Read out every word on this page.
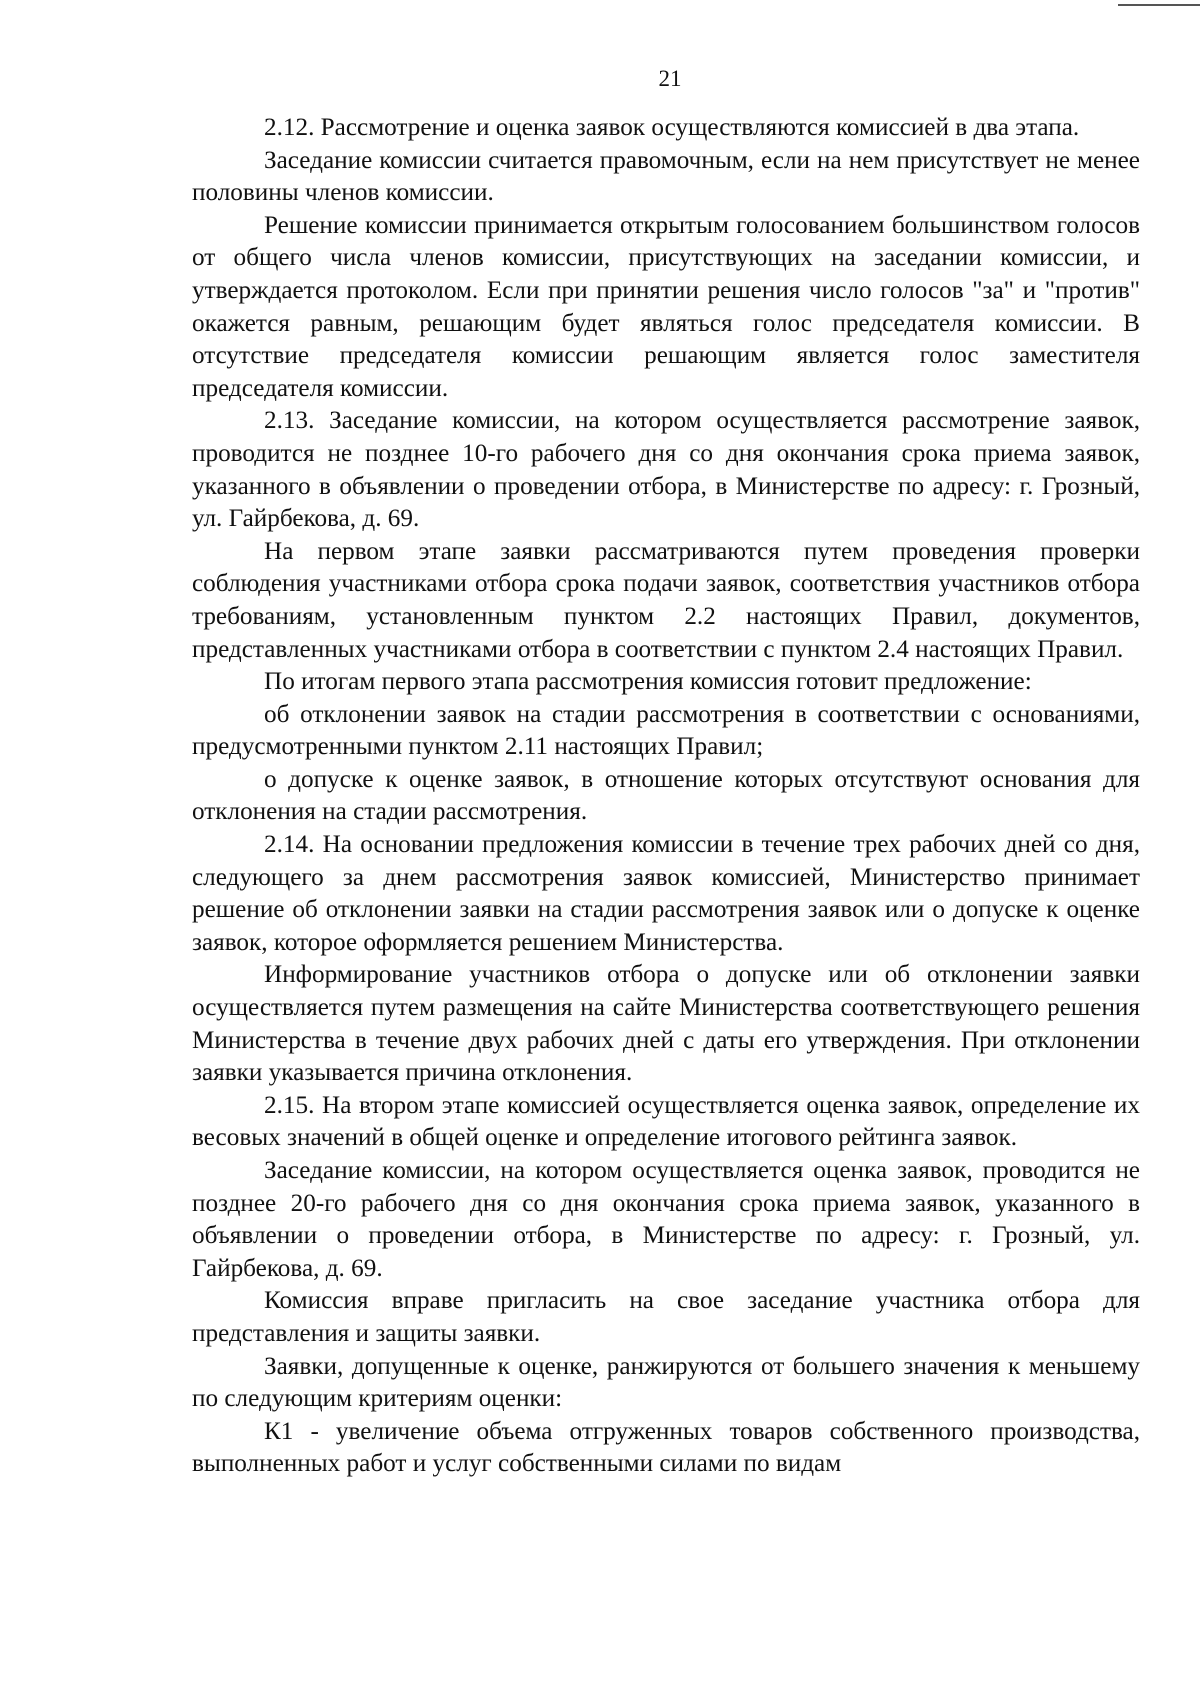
21

2.12. Рассмотрение и оценка заявок осуществляются комиссией в два этапа.

Заседание комиссии считается правомочным, если на нем присутствует не менее половины членов комиссии.

Решение комиссии принимается открытым голосованием большинством голосов от общего числа членов комиссии, присутствующих на заседании комиссии, и утверждается протоколом. Если при принятии решения число голосов "за" и "против" окажется равным, решающим будет являться голос председателя комиссии. В отсутствие председателя комиссии решающим является голос заместителя председателя комиссии.

2.13. Заседание комиссии, на котором осуществляется рассмотрение заявок, проводится не позднее 10-го рабочего дня со дня окончания срока приема заявок, указанного в объявлении о проведении отбора, в Министерстве по адресу: г. Грозный, ул. Гайрбекова, д. 69.

На первом этапе заявки рассматриваются путем проведения проверки соблюдения участниками отбора срока подачи заявок, соответствия участников отбора требованиям, установленным пунктом 2.2 настоящих Правил, документов, представленных участниками отбора в соответствии с пунктом 2.4 настоящих Правил.

По итогам первого этапа рассмотрения комиссия готовит предложение:

об отклонении заявок на стадии рассмотрения в соответствии с основаниями, предусмотренными пунктом 2.11 настоящих Правил;

о допуске к оценке заявок, в отношение которых отсутствуют основания для отклонения на стадии рассмотрения.

2.14. На основании предложения комиссии в течение трех рабочих дней со дня, следующего за днем рассмотрения заявок комиссией, Министерство принимает решение об отклонении заявки на стадии рассмотрения заявок или о допуске к оценке заявок, которое оформляется решением Министерства.

Информирование участников отбора о допуске или об отклонении заявки осуществляется путем размещения на сайте Министерства соответствующего решения Министерства в течение двух рабочих дней с даты его утверждения. При отклонении заявки указывается причина отклонения.

2.15. На втором этапе комиссией осуществляется оценка заявок, определение их весовых значений в общей оценке и определение итогового рейтинга заявок.

Заседание комиссии, на котором осуществляется оценка заявок, проводится не позднее 20-го рабочего дня со дня окончания срока приема заявок, указанного в объявлении о проведении отбора, в Министерстве по адресу: г. Грозный, ул. Гайрбекова, д. 69.

Комиссия вправе пригласить на свое заседание участника отбора для представления и защиты заявки.

Заявки, допущенные к оценке, ранжируются от большего значения к меньшему по следующим критериям оценки:

К1 - увеличение объема отгруженных товаров собственного производства, выполненных работ и услуг собственными силами по видам
